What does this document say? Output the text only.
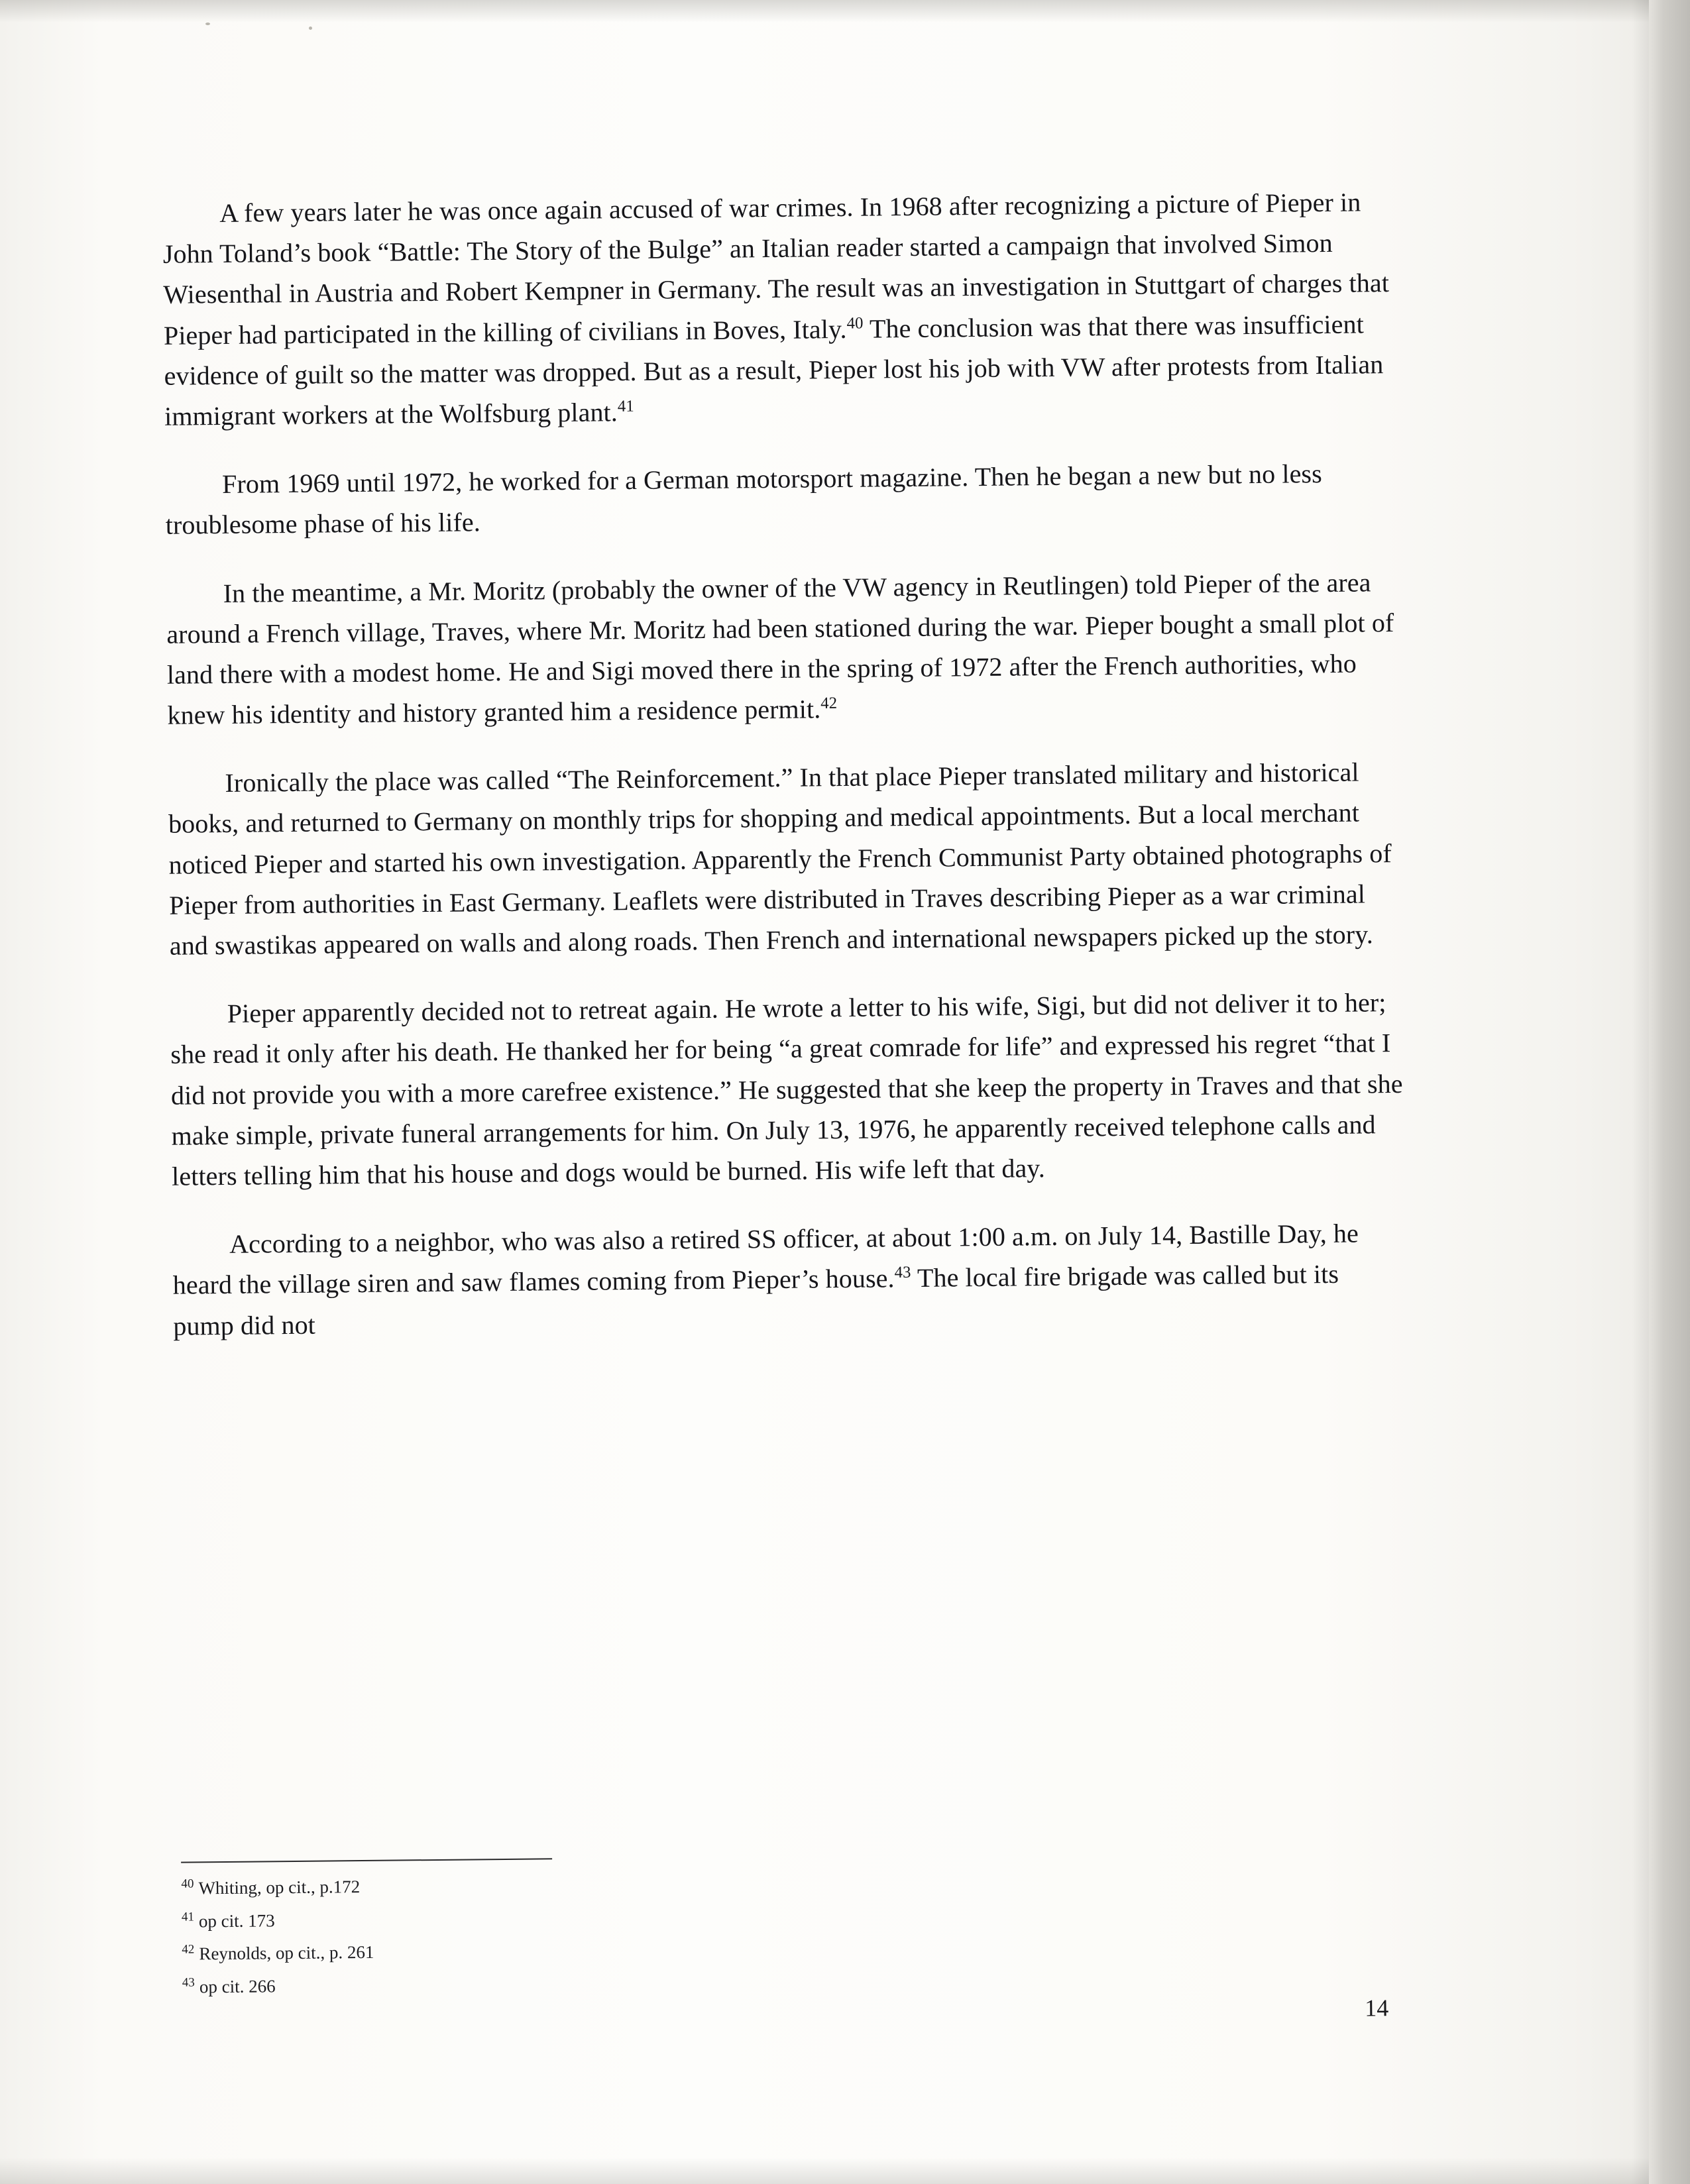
A few years later he was once again accused of war crimes. In 1968 after recognizing a picture of Pieper in John Toland’s book “Battle: The Story of the Bulge” an Italian reader started a campaign that involved Simon Wiesenthal in Austria and Robert Kempner in Germany. The result was an investigation in Stuttgart of charges that Pieper had participated in the killing of civilians in Boves, Italy.$^{40}$ The conclusion was that there was insufficient evidence of guilt so the matter was dropped. But as a result, Pieper lost his job with VW after protests from Italian immigrant workers at the Wolfsburg plant.$^{41}$

From 1969 until 1972, he worked for a German motorsport magazine. Then he began a new but no less troublesome phase of his life.

In the meantime, a Mr. Moritz (probably the owner of the VW agency in Reutlingen) told Pieper of the area around a French village, Traves, where Mr. Moritz had been stationed during the war. Pieper bought a small plot of land there with a modest home. He and Sigi moved there in the spring of 1972 after the French authorities, who knew his identity and history granted him a residence permit.$^{42}$

Ironically the place was called “The Reinforcement.” In that place Pieper translated military and historical books, and returned to Germany on monthly trips for shopping and medical appointments. But a local merchant noticed Pieper and started his own investigation. Apparently the French Communist Party obtained photographs of Pieper from authorities in East Germany. Leaflets were distributed in Traves describing Pieper as a war criminal and swastikas appeared on walls and along roads. Then French and international newspapers picked up the story.

Pieper apparently decided not to retreat again. He wrote a letter to his wife, Sigi, but did not deliver it to her; she read it only after his death. He thanked her for being “a great comrade for life” and expressed his regret “that I did not provide you with a more carefree existence.” He suggested that she keep the property in Traves and that she make simple, private funeral arrangements for him. On July 13, 1976, he apparently received telephone calls and letters telling him that his house and dogs would be burned. His wife left that day.

According to a neighbor, who was also a retired SS officer, at about 1:00 a.m. on July 14, Bastille Day, he heard the village siren and saw flames coming from Pieper’s house.$^{43}$ The local fire brigade was called but its pump did not

$^{40}$ Whiting, op cit., p.172
$^{41}$ op cit. 173
$^{42}$ Reynolds, op cit., p. 261
$^{43}$ op cit. 266
14
